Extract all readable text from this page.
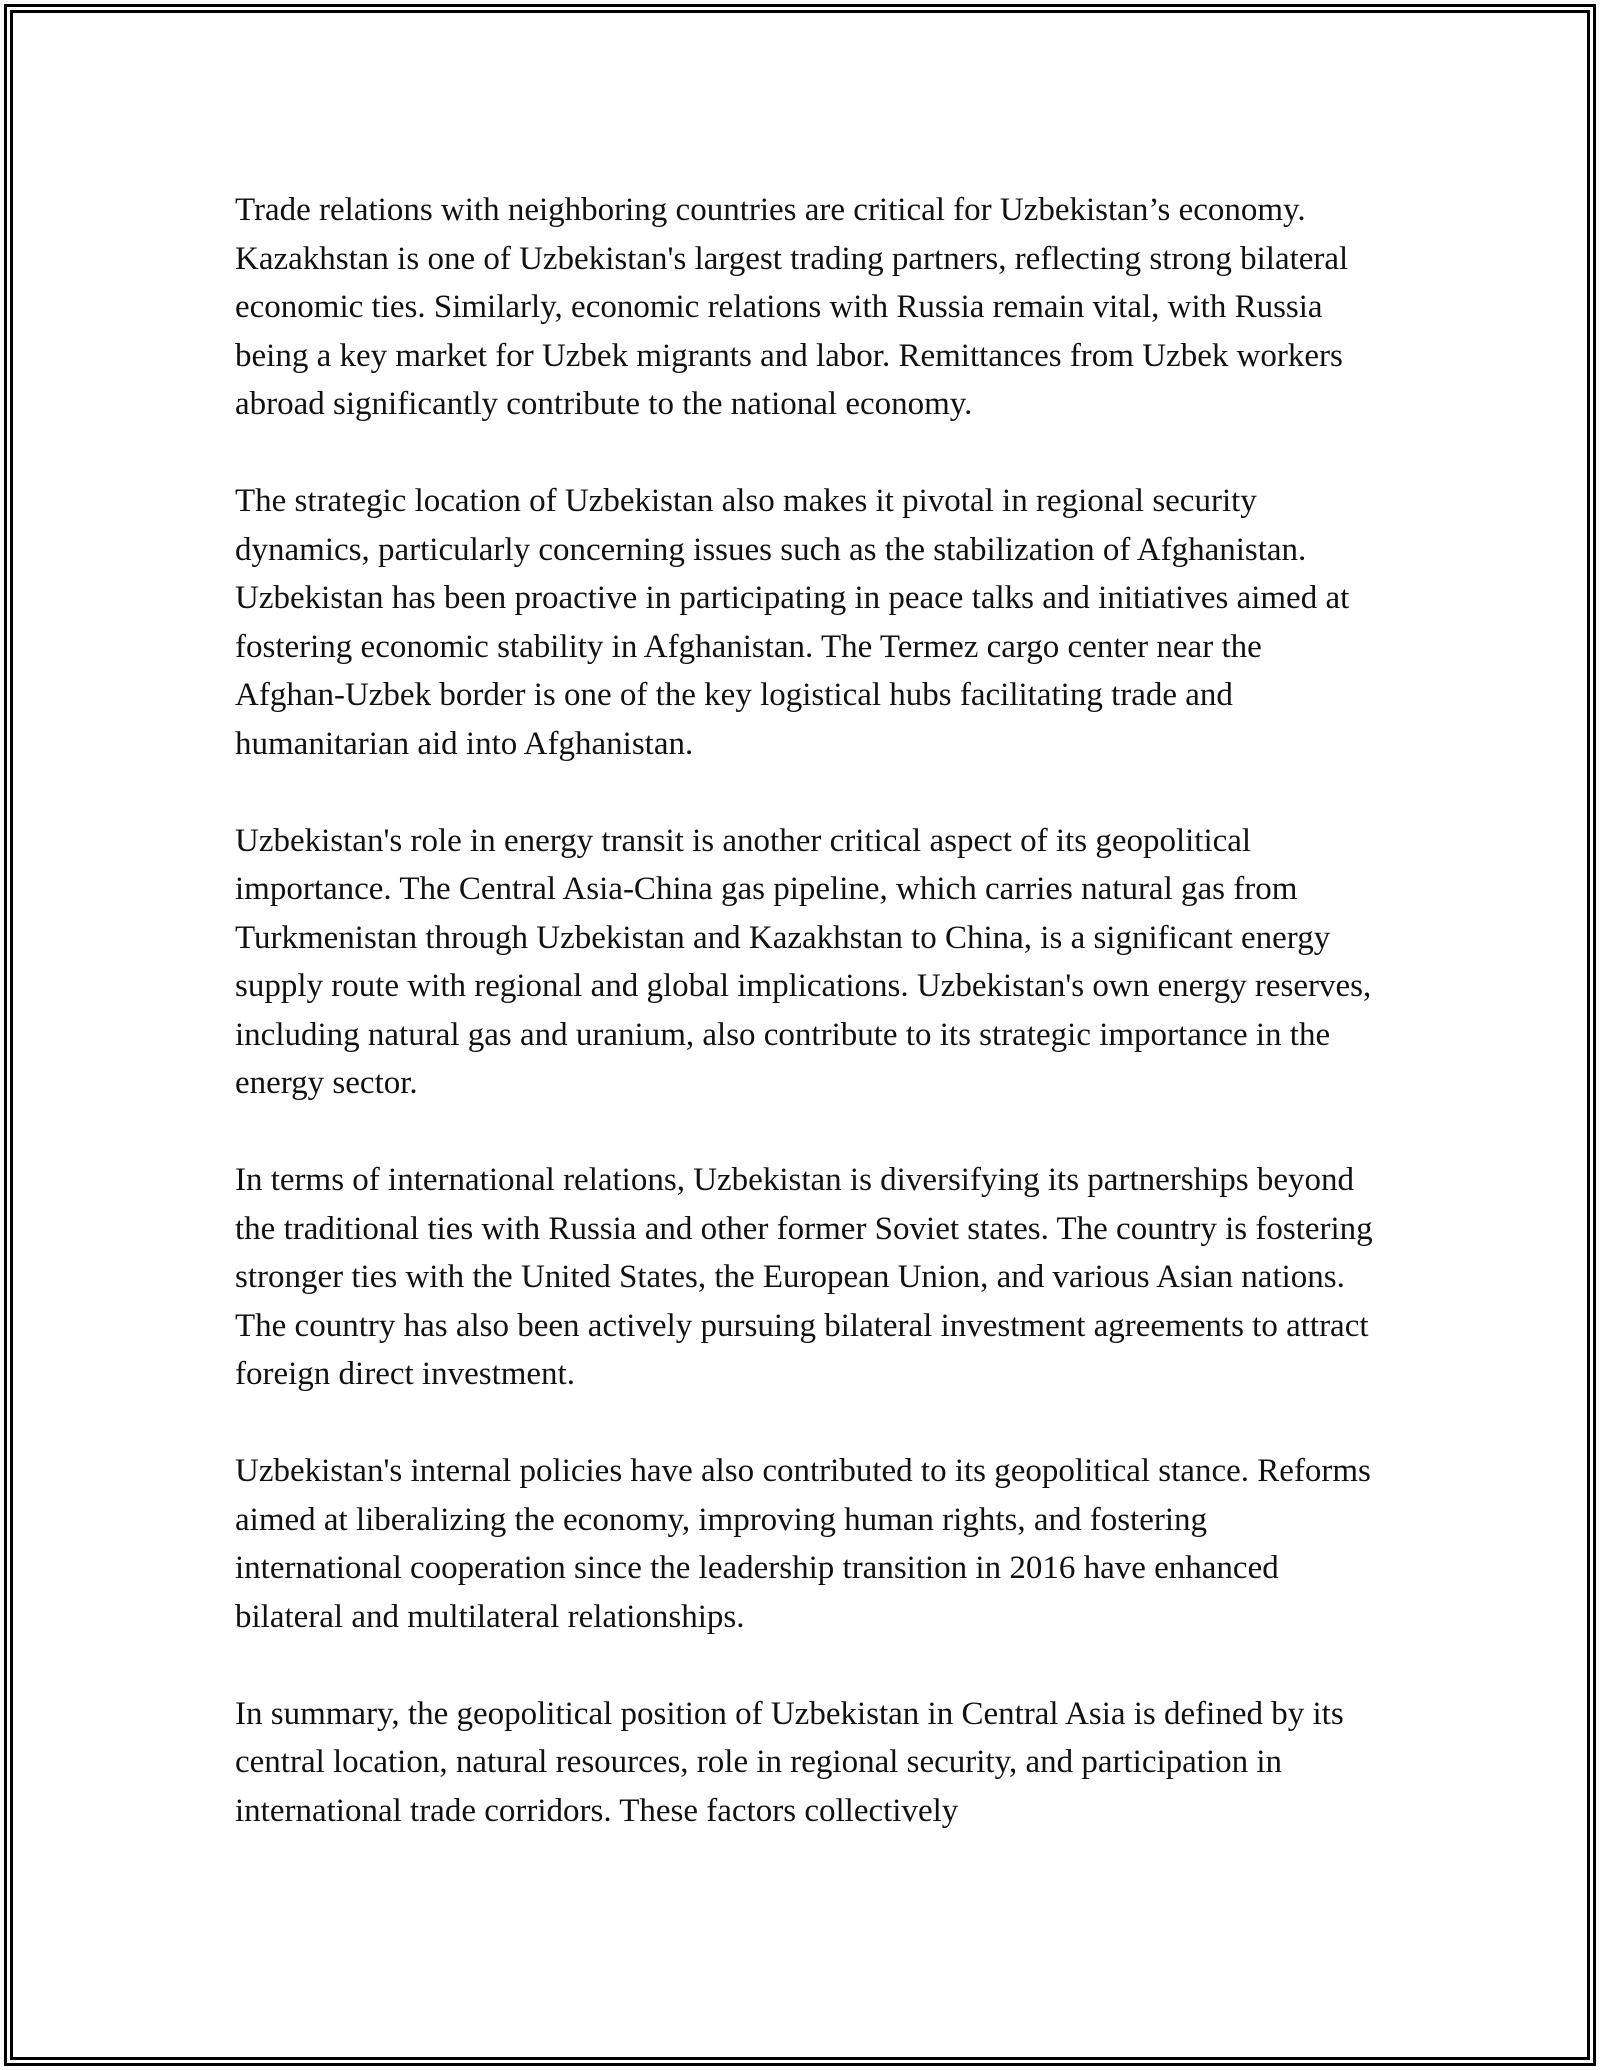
Trade relations with neighboring countries are critical for Uzbekistan’s economy. Kazakhstan is one of Uzbekistan's largest trading partners, reflecting strong bilateral economic ties. Similarly, economic relations with Russia remain vital, with Russia being a key market for Uzbek migrants and labor. Remittances from Uzbek workers abroad significantly contribute to the national economy.

The strategic location of Uzbekistan also makes it pivotal in regional security dynamics, particularly concerning issues such as the stabilization of Afghanistan. Uzbekistan has been proactive in participating in peace talks and initiatives aimed at fostering economic stability in Afghanistan. The Termez cargo center near the Afghan-Uzbek border is one of the key logistical hubs facilitating trade and humanitarian aid into Afghanistan.

Uzbekistan's role in energy transit is another critical aspect of its geopolitical importance. The Central Asia-China gas pipeline, which carries natural gas from Turkmenistan through Uzbekistan and Kazakhstan to China, is a significant energy supply route with regional and global implications. Uzbekistan's own energy reserves, including natural gas and uranium, also contribute to its strategic importance in the energy sector.

In terms of international relations, Uzbekistan is diversifying its partnerships beyond the traditional ties with Russia and other former Soviet states. The country is fostering stronger ties with the United States, the European Union, and various Asian nations. The country has also been actively pursuing bilateral investment agreements to attract foreign direct investment.

Uzbekistan's internal policies have also contributed to its geopolitical stance. Reforms aimed at liberalizing the economy, improving human rights, and fostering international cooperation since the leadership transition in 2016 have enhanced bilateral and multilateral relationships.

In summary, the geopolitical position of Uzbekistan in Central Asia is defined by its central location, natural resources, role in regional security, and participation in international trade corridors. These factors collectively
